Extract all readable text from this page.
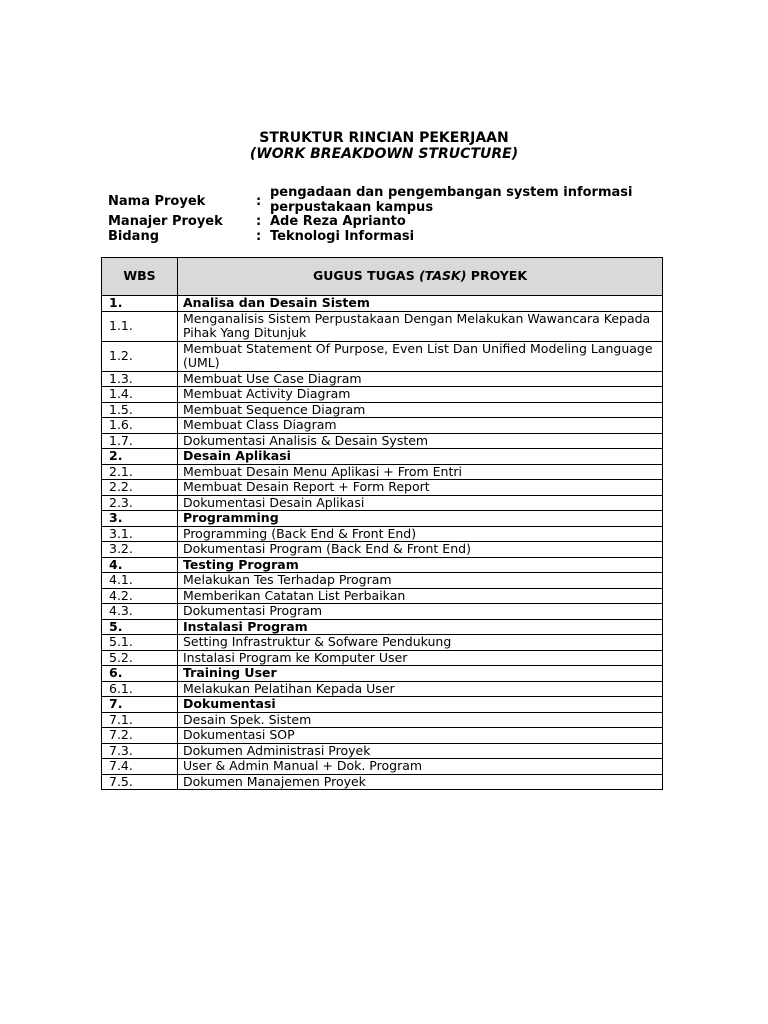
STRUKTUR RINCIAN PEKERJAAN
(WORK BREAKDOWN STRUCTURE)
Nama Proyek	:
pengadaan dan pengembangan system informasi perpustakaan kampus
Manajer Proyek	: Ade Reza Aprianto
Bidang	: Teknologi Informasi
WBS	GUGUS TUGAS (TASK) PROYEK
1.	Analisa dan Desain Sistem
1.1.	Menganalisis Sistem Perpustakaan Dengan Melakukan Wawancara Kepada Pihak Yang Ditunjuk
1.2.	Membuat Statement Of Purpose, Even List Dan Unified Modeling Language (UML)
1.3.	Membuat Use Case Diagram
1.4.	Membuat Activity Diagram
1.5.	Membuat Sequence Diagram
1.6.	Membuat Class Diagram
1.7.	Dokumentasi Analisis & Desain System
2.	Desain Aplikasi
2.1.	Membuat Desain Menu Aplikasi + From Entri
2.2.	Membuat Desain Report + Form Report
2.3.	Dokumentasi Desain Aplikasi
3.	Programming
3.1.	Programming (Back End & Front End)
3.2.	Dokumentasi Program (Back End & Front End)
4.	Testing Program
4.1.	Melakukan Tes Terhadap Program
4.2.	Memberikan Catatan List Perbaikan
4.3.	Dokumentasi Program
5.	Instalasi Program
5.1.	Setting Infrastruktur & Sofware Pendukung
5.2.	Instalasi Program ke Komputer User
6.	Training User
6.1.	Melakukan Pelatihan Kepada User
7.	Dokumentasi
7.1.	Desain Spek. Sistem
7.2.	Dokumentasi SOP
7.3.	Dokumen Administrasi Proyek
7.4.	User & Admin Manual + Dok. Program
7.5.	Dokumen Manajemen Proyek
